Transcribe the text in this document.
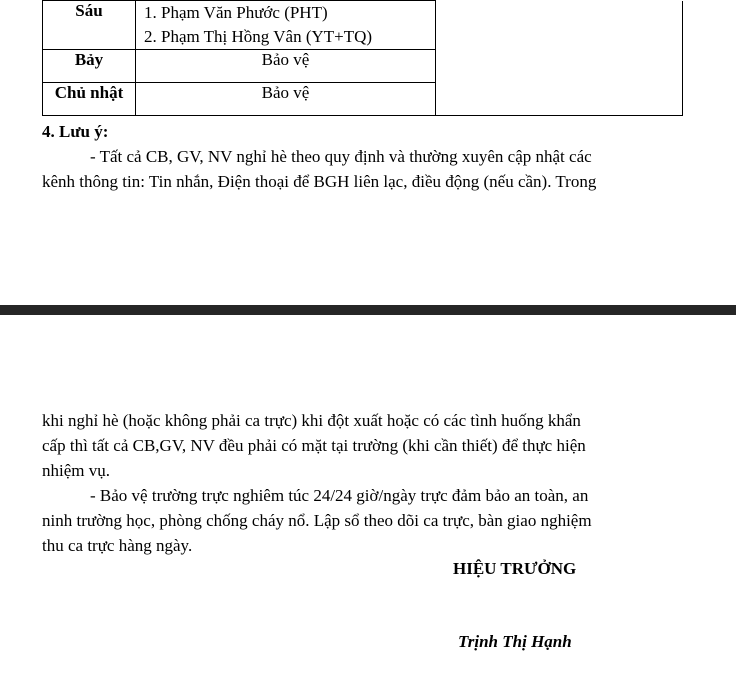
Sáu	1. Phạm Văn Phước (PHT)
2. Phạm Thị Hồng Vân (YT+TQ)	

Bảy	Bảo vệ	
Chủ nhật	Bảo vệ	
4. Lưu ý:
- Tất cả CB, GV, NV nghỉ hè theo quy định và thường xuyên cập nhật các
kênh thông tin: Tin nhắn, Điện thoại để BGH liên lạc, điều động (nếu cần). Trong
khi nghỉ hè (hoặc không phải ca trực) khi đột xuất hoặc có các tình huống khẩn
cấp thì tất cả CB,GV, NV đều phải có mặt tại trường (khi cần thiết) để thực hiện
nhiệm vụ.
- Bảo vệ trường trực nghiêm túc 24/24 giờ/ngày trực đảm bảo an toàn, an
ninh trường học, phòng chống cháy nổ. Lập sổ theo dõi ca trực, bàn giao nghiệm
thu ca trực hàng ngày.
HIỆU TRƯỞNG
Trịnh Thị Hạnh
